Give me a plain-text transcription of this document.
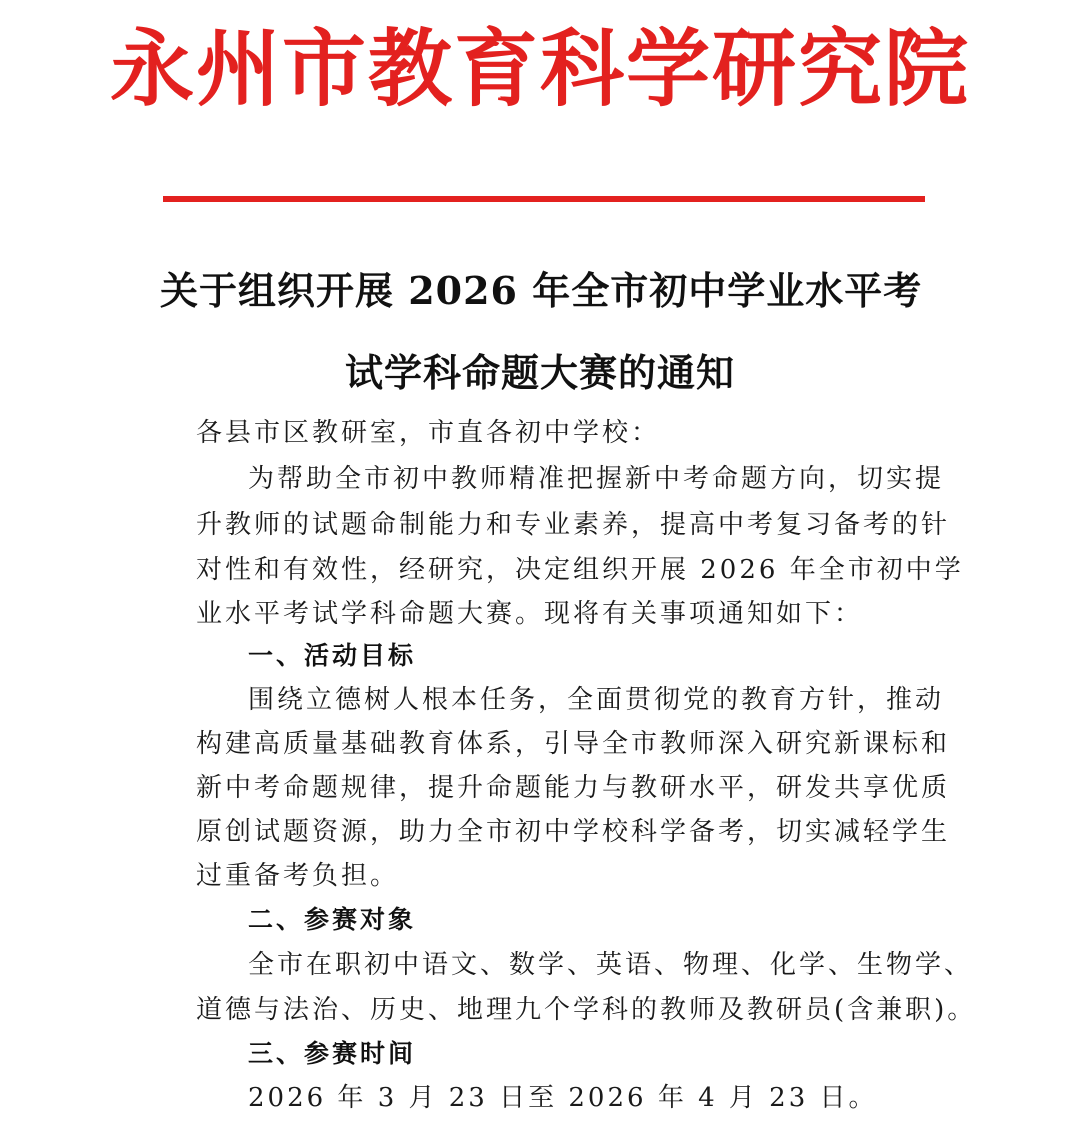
永州市教育科学研究院
关于组织开展 2026 年全市初中学业水平考
试学科命题大赛的通知
各县市区教研室，市直各初中学校：
为帮助全市初中教师精准把握新中考命题方向，切实提
升教师的试题命制能力和专业素养，提高中考复习备考的针
对性和有效性，经研究，决定组织开展 2026 年全市初中学
业水平考试学科命题大赛。现将有关事项通知如下：
一、活动目标
围绕立德树人根本任务，全面贯彻党的教育方针，推动
构建高质量基础教育体系，引导全市教师深入研究新课标和
新中考命题规律，提升命题能力与教研水平，研发共享优质
原创试题资源，助力全市初中学校科学备考，切实减轻学生
过重备考负担。
二、参赛对象
全市在职初中语文、数学、英语、物理、化学、生物学、
道德与法治、历史、地理九个学科的教师及教研员(含兼职)。
三、参赛时间
2026 年 3 月 23 日至 2026 年 4 月 23 日。
